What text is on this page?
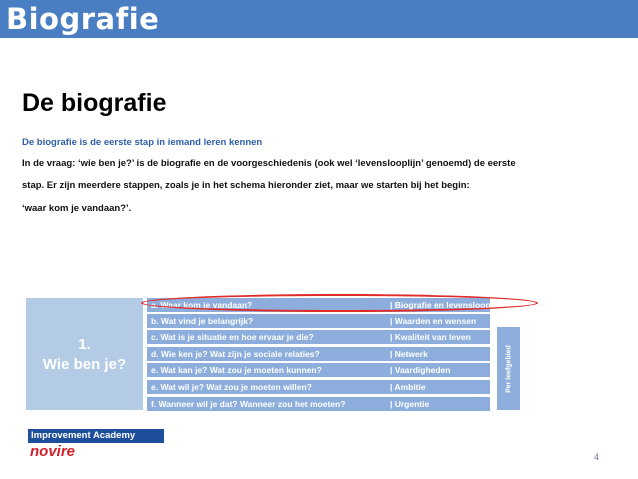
Biografie
De biografie
De biografie is de eerste stap in iemand leren kennen
In de vraag: ‘wie ben je?’ is de biografie en de voorgeschiedenis (ook wel ‘levenslooplijn’ genoemd) de eerste
stap. Er zijn meerdere stappen, zoals je in het schema hieronder ziet, maar we starten bij het begin:
‘waar kom je vandaan?’.
1.
Wie ben je?
a. Waar kom je vandaan?	| Biografie en levenslooplijn
b. Wat vind je belangrijk?	| Waarden en wensen
c. Wat is je situatie en hoe ervaar je die?	| Kwaliteit van leven
d. Wie ken je? Wat zijn je sociale relaties?	| Netwerk
e. Wat kan je? Wat zou je moeten kunnen?	| Vaardigheden
e. Wat wil je? Wat zou je moeten willen?	| Ambitie
f. Wanneer wil je dat? Wanneer zou het moeten?	| Urgentie
Per leefgebied
Improvement Academy
novire	4
